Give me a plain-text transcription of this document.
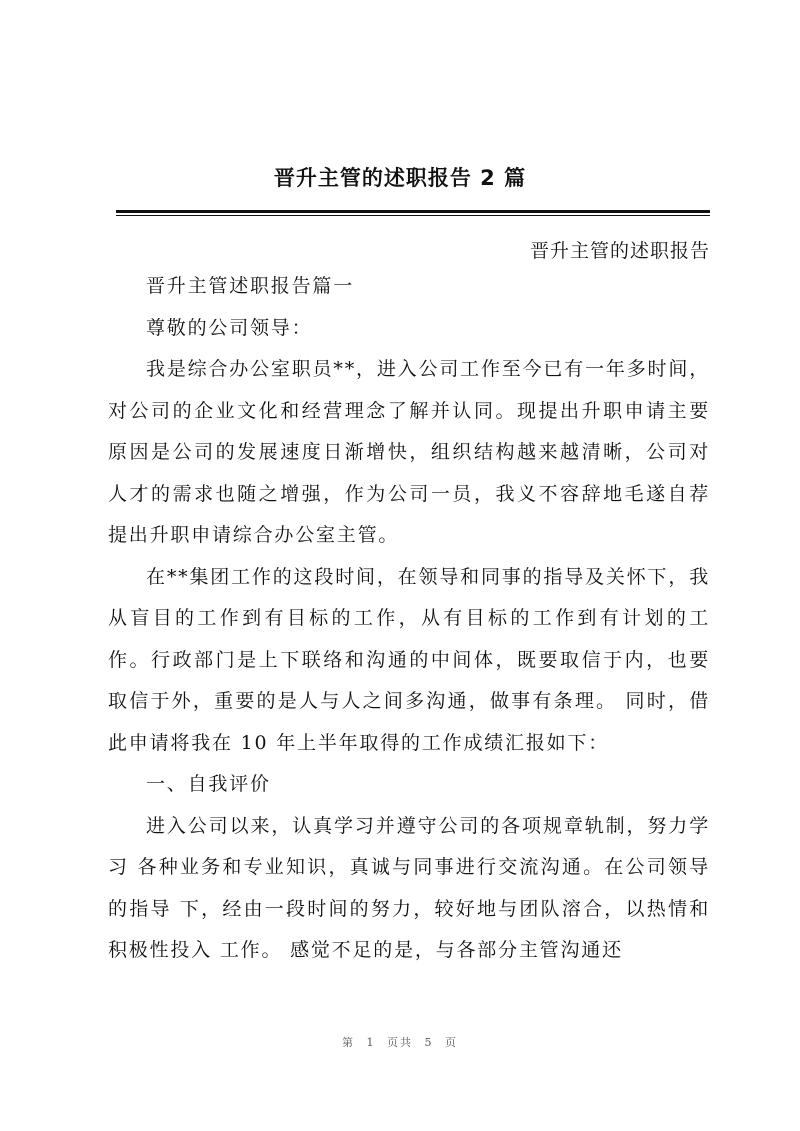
晋升主管的述职报告 2 篇
晋升主管的述职报告

晋升主管述职报告篇一

尊敬的公司领导：

我是综合办公室职员**，进入公司工作至今已有一年多时间，对公司的企业文化和经营理念了解并认同。现提出升职申请主要原因是公司的发展速度日渐增快，组织结构越来越清晰，公司对人才的需求也随之增强，作为公司一员，我义不容辞地毛遂自荐提出升职申请综合办公室主管。

在**集团工作的这段时间，在领导和同事的指导及关怀下，我从盲目的工作到有目标的工作，从有目标的工作到有计划的工作。行政部门是上下联络和沟通的中间体，既要取信于内，也要取信于外，重要的是人与人之间多沟通，做事有条理。 同时，借此申请将我在 10 年上半年取得的工作成绩汇报如下：

一、自我评价

进入公司以来，认真学习并遵守公司的各项规章轨制，努力学习 各种业务和专业知识，真诚与同事进行交流沟通。在公司领导的指导 下，经由一段时间的努力，较好地与团队溶合，以热情和积极性投入 工作。 感觉不足的是，与各部分主管沟通还

第 1 页共 5 页
